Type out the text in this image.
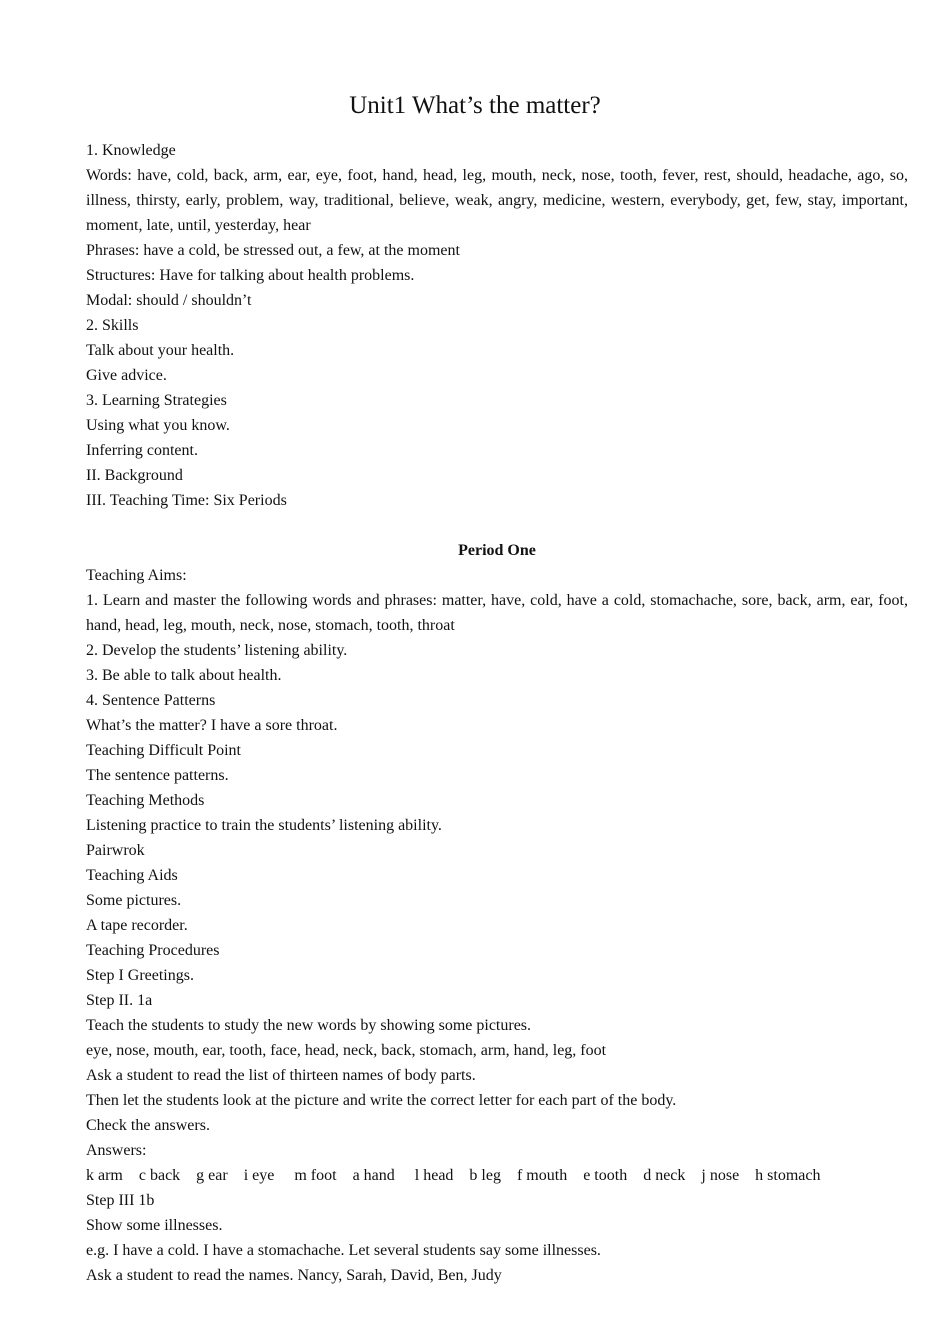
Unit1 What’s the matter?

1. Knowledge

Words: have, cold, back, arm, ear, eye, foot, hand, head, leg, mouth, neck, nose, tooth, fever, rest, should, headache, ago, so, illness, thirsty, early, problem, way, traditional, believe, weak, angry, medicine, western, everybody, get, few, stay, important, moment, late, until, yesterday, hear

Phrases: have a cold, be stressed out, a few, at the moment

Structures: Have for talking about health problems.

Modal: should / shouldn’t

2. Skills

Talk about your health.

Give advice.

3. Learning Strategies

Using what you know.

Inferring content.

II. Background

III. Teaching Time: Six Periods

Period One

Teaching Aims:

1. Learn and master the following words and phrases: matter, have, cold, have a cold, stomachache, sore, back, arm, ear, foot, hand, head, leg, mouth, neck, nose, stomach, tooth, throat

2. Develop the students’ listening ability.

3. Be able to talk about health.

4. Sentence Patterns

What’s the matter? I have a sore throat.

Teaching Difficult Point

The sentence patterns.

Teaching Methods

Listening practice to train the students’ listening ability.

Pairwrok

Teaching Aids

Some pictures.

A tape recorder.

Teaching Procedures

Step I Greetings.

Step II. 1a

Teach the students to study the new words by showing some pictures.

eye, nose, mouth, ear, tooth, face, head, neck, back, stomach, arm, hand, leg, foot

Ask a student to read the list of thirteen names of body parts.

Then let the students look at the picture and write the correct letter for each part of the body.

Check the answers.

Answers:

k arm    c back    g ear    i eye     m foot    a hand     l head    b leg    f mouth    e tooth    d neck    j nose    h stomach

Step III 1b

Show some illnesses.

e.g. I have a cold. I have a stomachache. Let several students say some illnesses.

Ask a student to read the names. Nancy, Sarah, David, Ben, Judy
